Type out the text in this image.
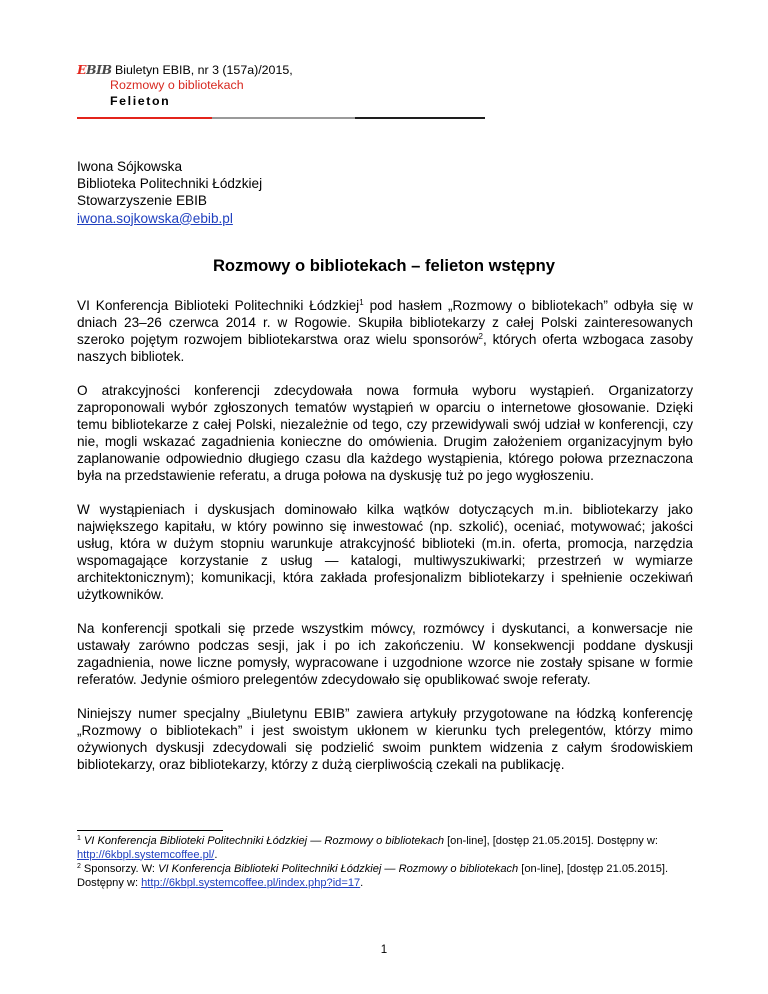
EBIB Biuletyn EBIB, nr 3 (157a)/2015,
Rozmowy o bibliotekach
Felieton
Iwona Sójkowska
Biblioteka Politechniki Łódzkiej
Stowarzyszenie EBIB
iwona.sojkowska@ebib.pl
Rozmowy o bibliotekach – felieton wstępny

VI Konferencja Biblioteki Politechniki Łódzkiej$^1$ pod hasłem „Rozmowy o bibliotekach” odbyła się w dniach 23–26 czerwca 2014 r. w Rogowie. Skupiła bibliotekarzy z całej Polski zainteresowanych szeroko pojętym rozwojem bibliotekarstwa oraz wielu sponsorów$^2$, których oferta wzbogaca zasoby naszych bibliotek.

O atrakcyjności konferencji zdecydowała nowa formuła wyboru wystąpień. Organizatorzy zaproponowali wybór zgłoszonych tematów wystąpień w oparciu o internetowe głosowanie. Dzięki temu bibliotekarze z całej Polski, niezależnie od tego, czy przewidywali swój udział w konferencji, czy nie, mogli wskazać zagadnienia konieczne do omówienia. Drugim założeniem organizacyjnym było zaplanowanie odpowiednio długiego czasu dla każdego wystąpienia, którego połowa przeznaczona była na przedstawienie referatu, a druga połowa na dyskusję tuż po jego wygłoszeniu.

W wystąpieniach i dyskusjach dominowało kilka wątków dotyczących m.in. bibliotekarzy jako największego kapitału, w który powinno się inwestować (np. szkolić), oceniać, motywować; jakości usług, która w dużym stopniu warunkuje atrakcyjność biblioteki (m.in. oferta, promocja, narzędzia wspomagające korzystanie z usług — katalogi, multiwyszukiwarki; przestrzeń w wymiarze architektonicznym); komunikacji, która zakłada profesjonalizm bibliotekarzy i spełnienie oczekiwań użytkowników.

Na konferencji spotkali się przede wszystkim mówcy, rozmówcy i dyskutanci, a konwersacje nie ustawały zarówno podczas sesji, jak i po ich zakończeniu. W konsekwencji poddane dyskusji zagadnienia, nowe liczne pomysły, wypracowane i uzgodnione wzorce nie zostały spisane w formie referatów. Jedynie ośmioro prelegentów zdecydowało się opublikować swoje referaty.

Niniejszy numer specjalny „Biuletynu EBIB” zawiera artykuły przygotowane na łódzką konferencję „Rozmowy o bibliotekach” i jest swoistym ukłonem w kierunku tych prelegentów, którzy mimo ożywionych dyskusji zdecydowali się podzielić swoim punktem widzenia z całym środowiskiem bibliotekarzy, oraz bibliotekarzy, którzy z dużą cierpliwością czekali na publikację.

$^1$ VI Konferencja Biblioteki Politechniki Łódzkiej — Rozmowy o bibliotekach [on-line], [dostęp 21.05.2015]. Dostępny w: http://6kbpl.systemcoffee.pl/.
$^2$ Sponsorzy. W: VI Konferencja Biblioteki Politechniki Łódzkiej — Rozmowy o bibliotekach [on-line], [dostęp 21.05.2015]. Dostępny w: http://6kbpl.systemcoffee.pl/index.php?id=17.
1
